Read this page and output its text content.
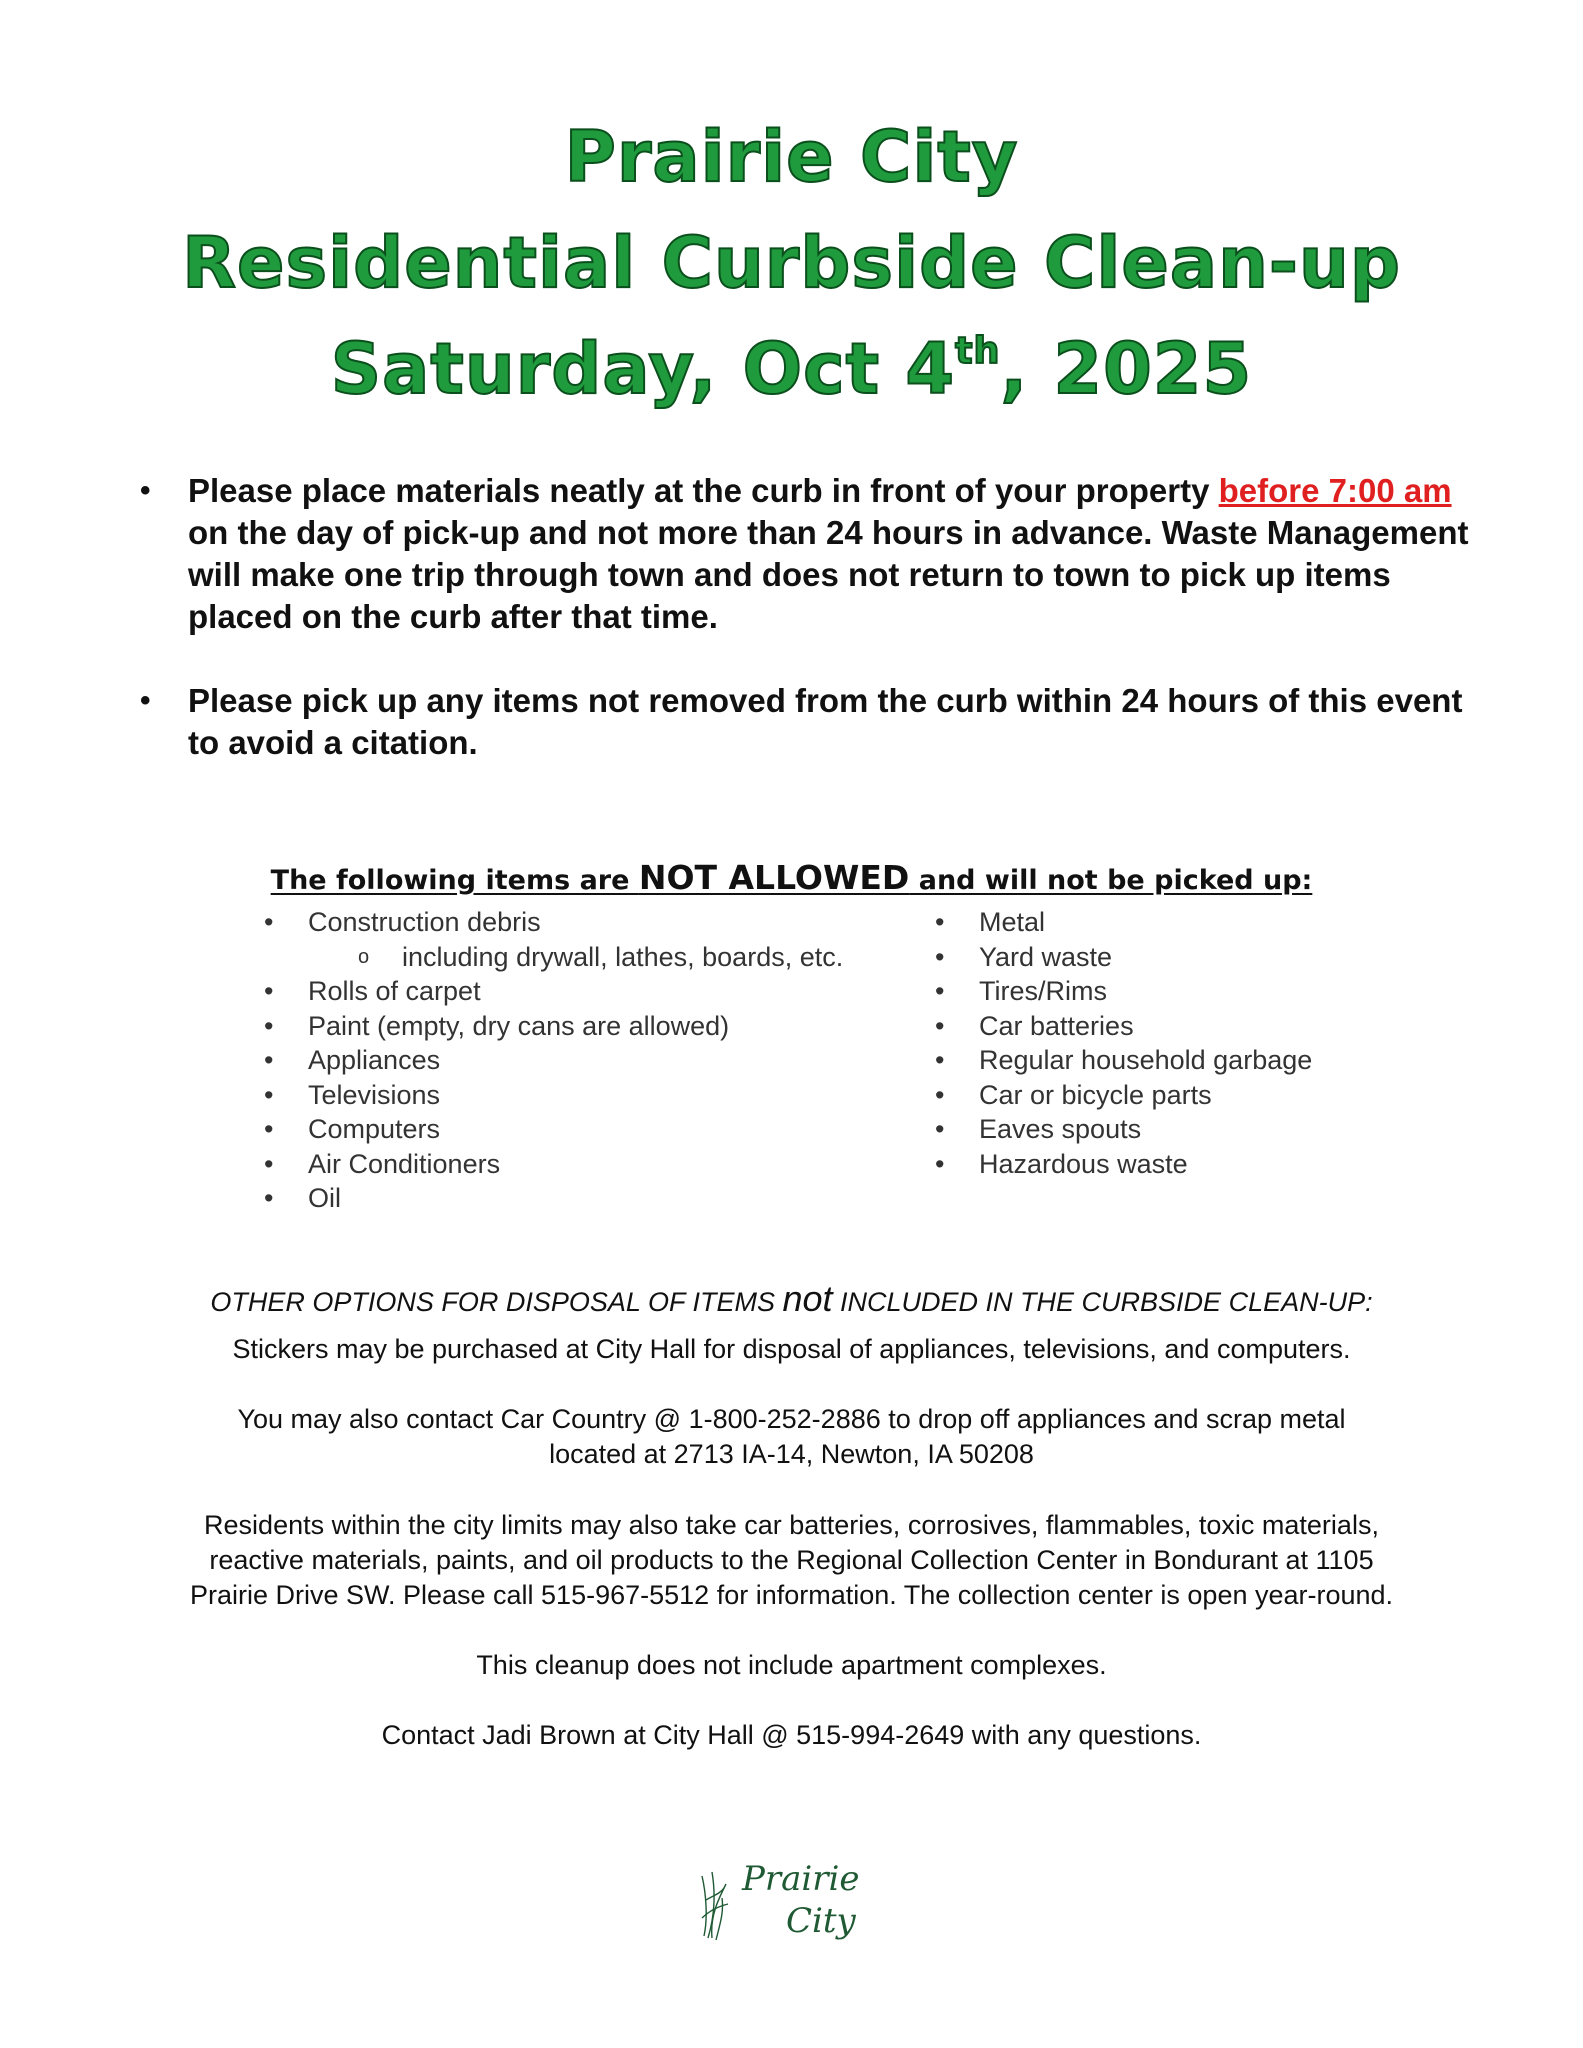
Prairie City
Residential Curbside Clean-up
Saturday, Oct 4th, 2025
• Please place materials neatly at the curb in front of your property before 7:00 am on the day of pick-up and not more than 24 hours in advance. Waste Management will make one trip through town and does not return to town to pick up items placed on the curb after that time.
• Please pick up any items not removed from the curb within 24 hours of this event to avoid a citation.
The following items are NOT ALLOWED and will not be picked up:
• Construction debris
o including drywall, lathes, boards, etc.
• Rolls of carpet
• Paint (empty, dry cans are allowed)
• Appliances
• Televisions
• Computers
• Air Conditioners
• Oil
• Metal
• Yard waste
• Tires/Rims
• Car batteries
• Regular household garbage
• Car or bicycle parts
• Eaves spouts
• Hazardous waste
OTHER OPTIONS FOR DISPOSAL OF ITEMS not INCLUDED IN THE CURBSIDE CLEAN-UP:
Stickers may be purchased at City Hall for disposal of appliances, televisions, and computers.
You may also contact Car Country @ 1-800-252-2886 to drop off appliances and scrap metal
located at 2713 IA-14, Newton, IA 50208
Residents within the city limits may also take car batteries, corrosives, flammables, toxic materials,
reactive materials, paints, and oil products to the Regional Collection Center in Bondurant at 1105
Prairie Drive SW. Please call 515-967-5512 for information. The collection center is open year-round.
This cleanup does not include apartment complexes.
Contact Jadi Brown at City Hall @ 515-994-2649 with any questions.
Prairie
City
